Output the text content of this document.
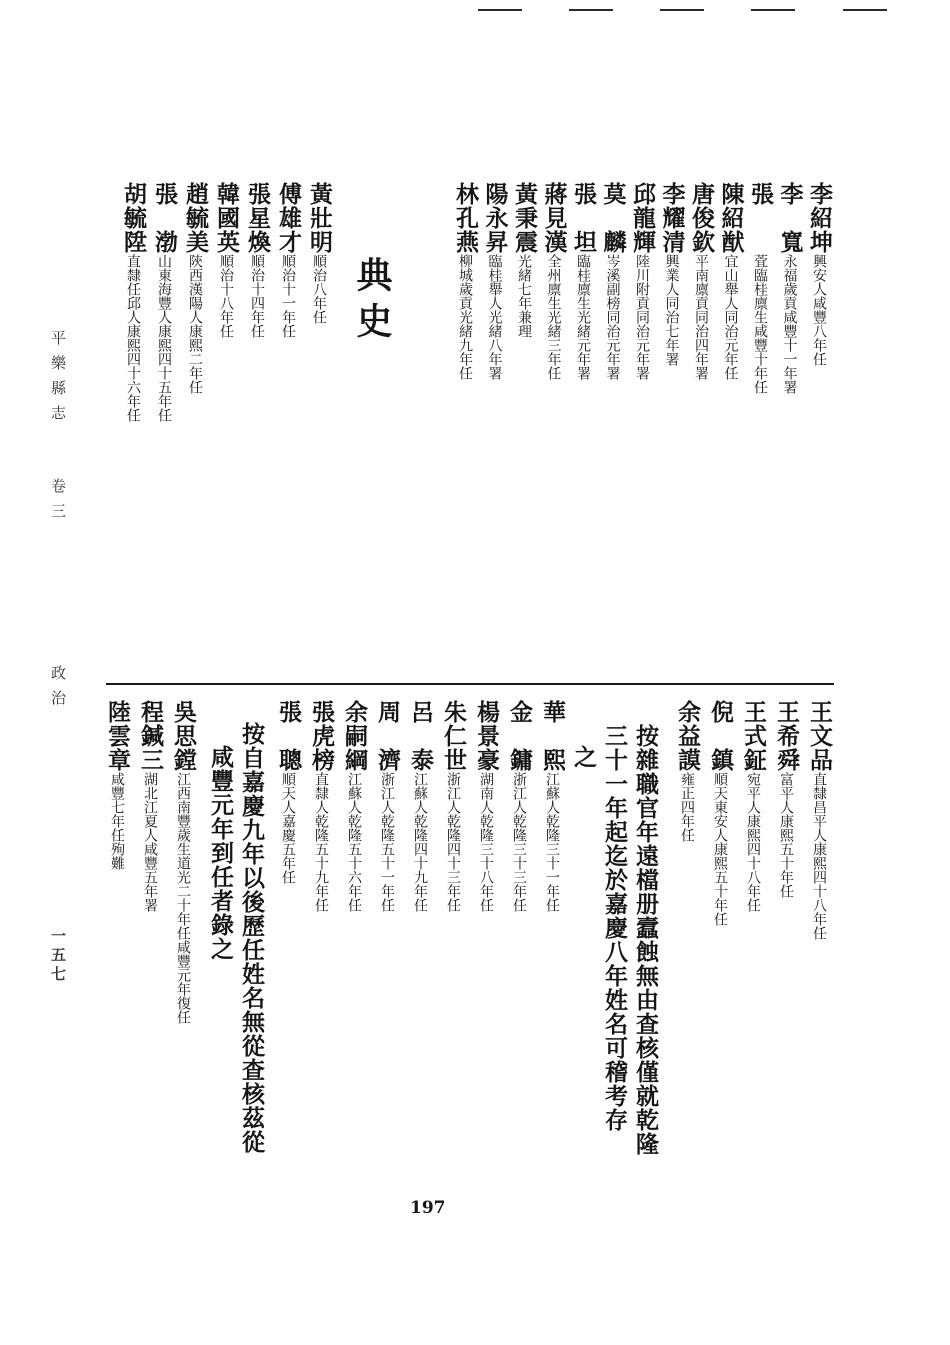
平樂縣志
卷三
政治
一五七
李紹坤興安人咸豐八年任
李　寬永福歲貢咸豐十一年署
張　　萓臨桂廪生咸豐十年任
陳紹猷宜山舉人同治元年任
唐俊欽平南廪貢同治四年署
李耀清興業人同治七年署
邱龍輝陸川附貢同治元年署
莫　麟岑溪副榜同治元年署
張　坦臨桂廪生光緒元年署
蔣見漢全州廪生光緒三年任
黃秉震光緒七年兼理
陽永昇臨桂舉人光緒八年署
林孔燕柳城歲貢光緒九年任
典史
黃壯明順治八年任
傅雄才順治十一年任
張星煥順治十四年任
韓國英順治十八年任
趙毓美陝西漢陽人康熙二年任
張　渤山東海豐人康熙四十五年任
胡毓陞直隸任邱人康熙四十六年任
王文品直隸昌平人康熙四十八年任
王希舜富平人康熙五十年任
王式鉦宛平人康熙四十八年任
倪　鎮順天東安人康熙五十年任
余益謨雍正四年任
按雜職官年遠檔册蠧蝕無由查核僅就乾隆
三十一年起迄於嘉慶八年姓名可稽考存
之
華　熙江蘇人乾隆三十一年任
金　鏞浙江人乾隆三十三年任
楊景豪湖南人乾隆三十八年任
朱仁世浙江人乾隆四十三年任
呂　泰江蘇人乾隆四十九年任
周　濟浙江人乾隆五十一年任
余嗣綱江蘇人乾隆五十六年任
張虎榜直隸人乾隆五十九年任
張　聰順天人嘉慶五年任
按自嘉慶九年以後歷任姓名無從查核茲從
咸豐元年到任者錄之
吳思鏜江西南豐歲生道光二十年任咸豐元年復任
程鍼三湖北江夏人咸豐五年署
陸雲章咸豐七年任殉難
197
